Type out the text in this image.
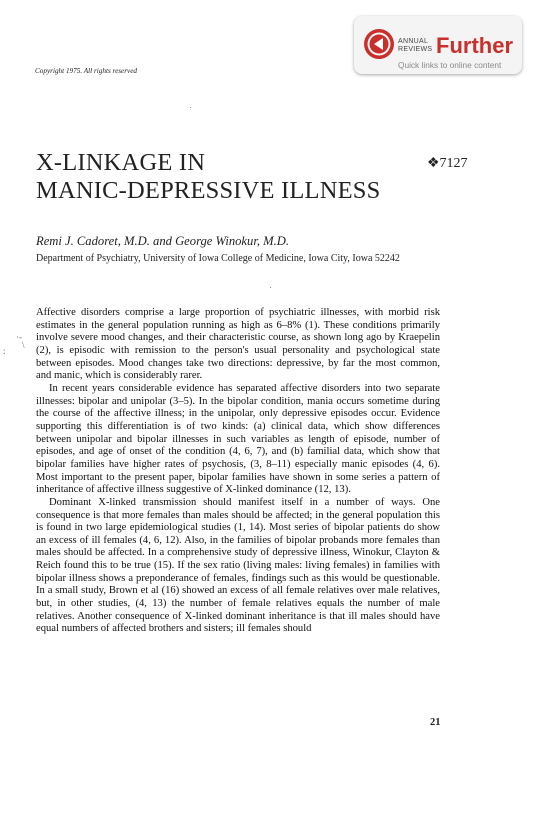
Copyright 1975. All rights reserved
ANNUAL
REVIEWS Further
Quick links to online content
X-LINKAGE IN
MANIC-DEPRESSIVE ILLNESS
❖7127
Remi J. Cadoret, M.D. and George Winokur, M.D.
Department of Psychiatry, University of Iowa College of Medicine, Iowa City, Iowa 52242
·-
:
\

Affective disorders comprise a large proportion of psychiatric illnesses, with morbid risk estimates in the general population running as high as 6–8% (1). These conditions primarily involve severe mood changes, and their characteristic course, as shown long ago by Kraepelin (2), is episodic with remission to the person's usual personality and psychological state between episodes. Mood changes take two directions: depressive, by far the most common, and manic, which is considerably rarer.

In recent years considerable evidence has separated affective disorders into two separate illnesses: bipolar and unipolar (3–5). In the bipolar condition, mania occurs sometime during the course of the affective illness; in the unipolar, only depressive episodes occur. Evidence supporting this differentiation is of two kinds: (a) clinical data, which show differences between unipolar and bipolar illnesses in such variables as length of episode, number of episodes, and age of onset of the condition (4, 6, 7), and (b) familial data, which show that bipolar families have higher rates of psychosis, (3, 8–11) especially manic episodes (4, 6). Most important to the present paper, bipolar families have shown in some series a pattern of inheritance of affective illness suggestive of X-linked dominance (12, 13).

Dominant X-linked transmission should manifest itself in a number of ways. One consequence is that more females than males should be affected; in the general population this is found in two large epidemiological studies (1, 14). Most series of bipolar patients do show an excess of ill females (4, 6, 12). Also, in the families of bipolar probands more females than males should be affected. In a comprehensive study of depressive illness, Winokur, Clayton & Reich found this to be true (15). If the sex ratio (living males: living females) in families with bipolar illness shows a preponderance of females, findings such as this would be questionable. In a small study, Brown et al (16) showed an excess of all female relatives over male relatives, but, in other studies, (4, 13) the number of female relatives equals the number of male relatives. Another consequence of X-linked dominant inheritance is that ill males should have equal numbers of affected brothers and sisters; ill females should

21
